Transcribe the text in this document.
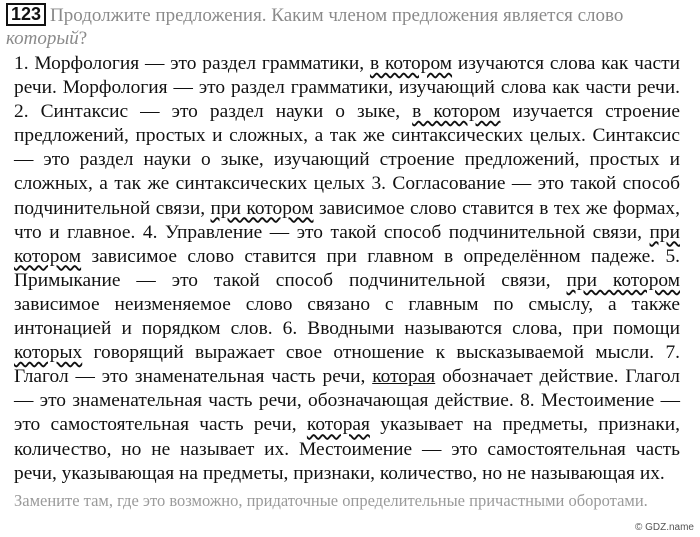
123 Продолжите предложения. Каким членом предложения является слово который?
1. Морфология — это раздел грамматики, в котором изучаются слова как части речи. Морфология — это раздел грамматики, изучающий слова как части речи. 2. Синтаксис — это раздел науки о зыке, в котором изучается строение предложений, простых и сложных, а так же синтаксических целых. Синтаксис — это раздел науки о зыке, изучающий строение предложений, простых и сложных, а так же синтаксических целых 3. Согласование — это такой способ подчинительной связи, при котором зависимое слово ставится в тех же формах, что и главное. 4. Управление — это такой способ подчинительной связи, при котором зависимое слово ставится при главном в определённом падеже. 5. Примыкание — это такой способ подчинительной связи, при котором зависимое неизменяемое слово связано с главным по смыслу, а также интонацией и порядком слов. 6. Вводными называются слова, при помощи которых говорящий выражает свое отношение к высказываемой мысли. 7. Глагол — это знаменательная часть речи, которая обозначает действие. Глагол — это знаменательная часть речи, обозначающая действие. 8. Местоимение — это самостоятельная часть речи, которая указывает на предметы, признаки, количество, но не называет их. Местоимение — это самостоятельная часть речи, указывающая на предметы, признаки, количество, но не называющая их.
Замените там, где это возможно, придаточные определительные причастными оборотами.
© GDZ.name
